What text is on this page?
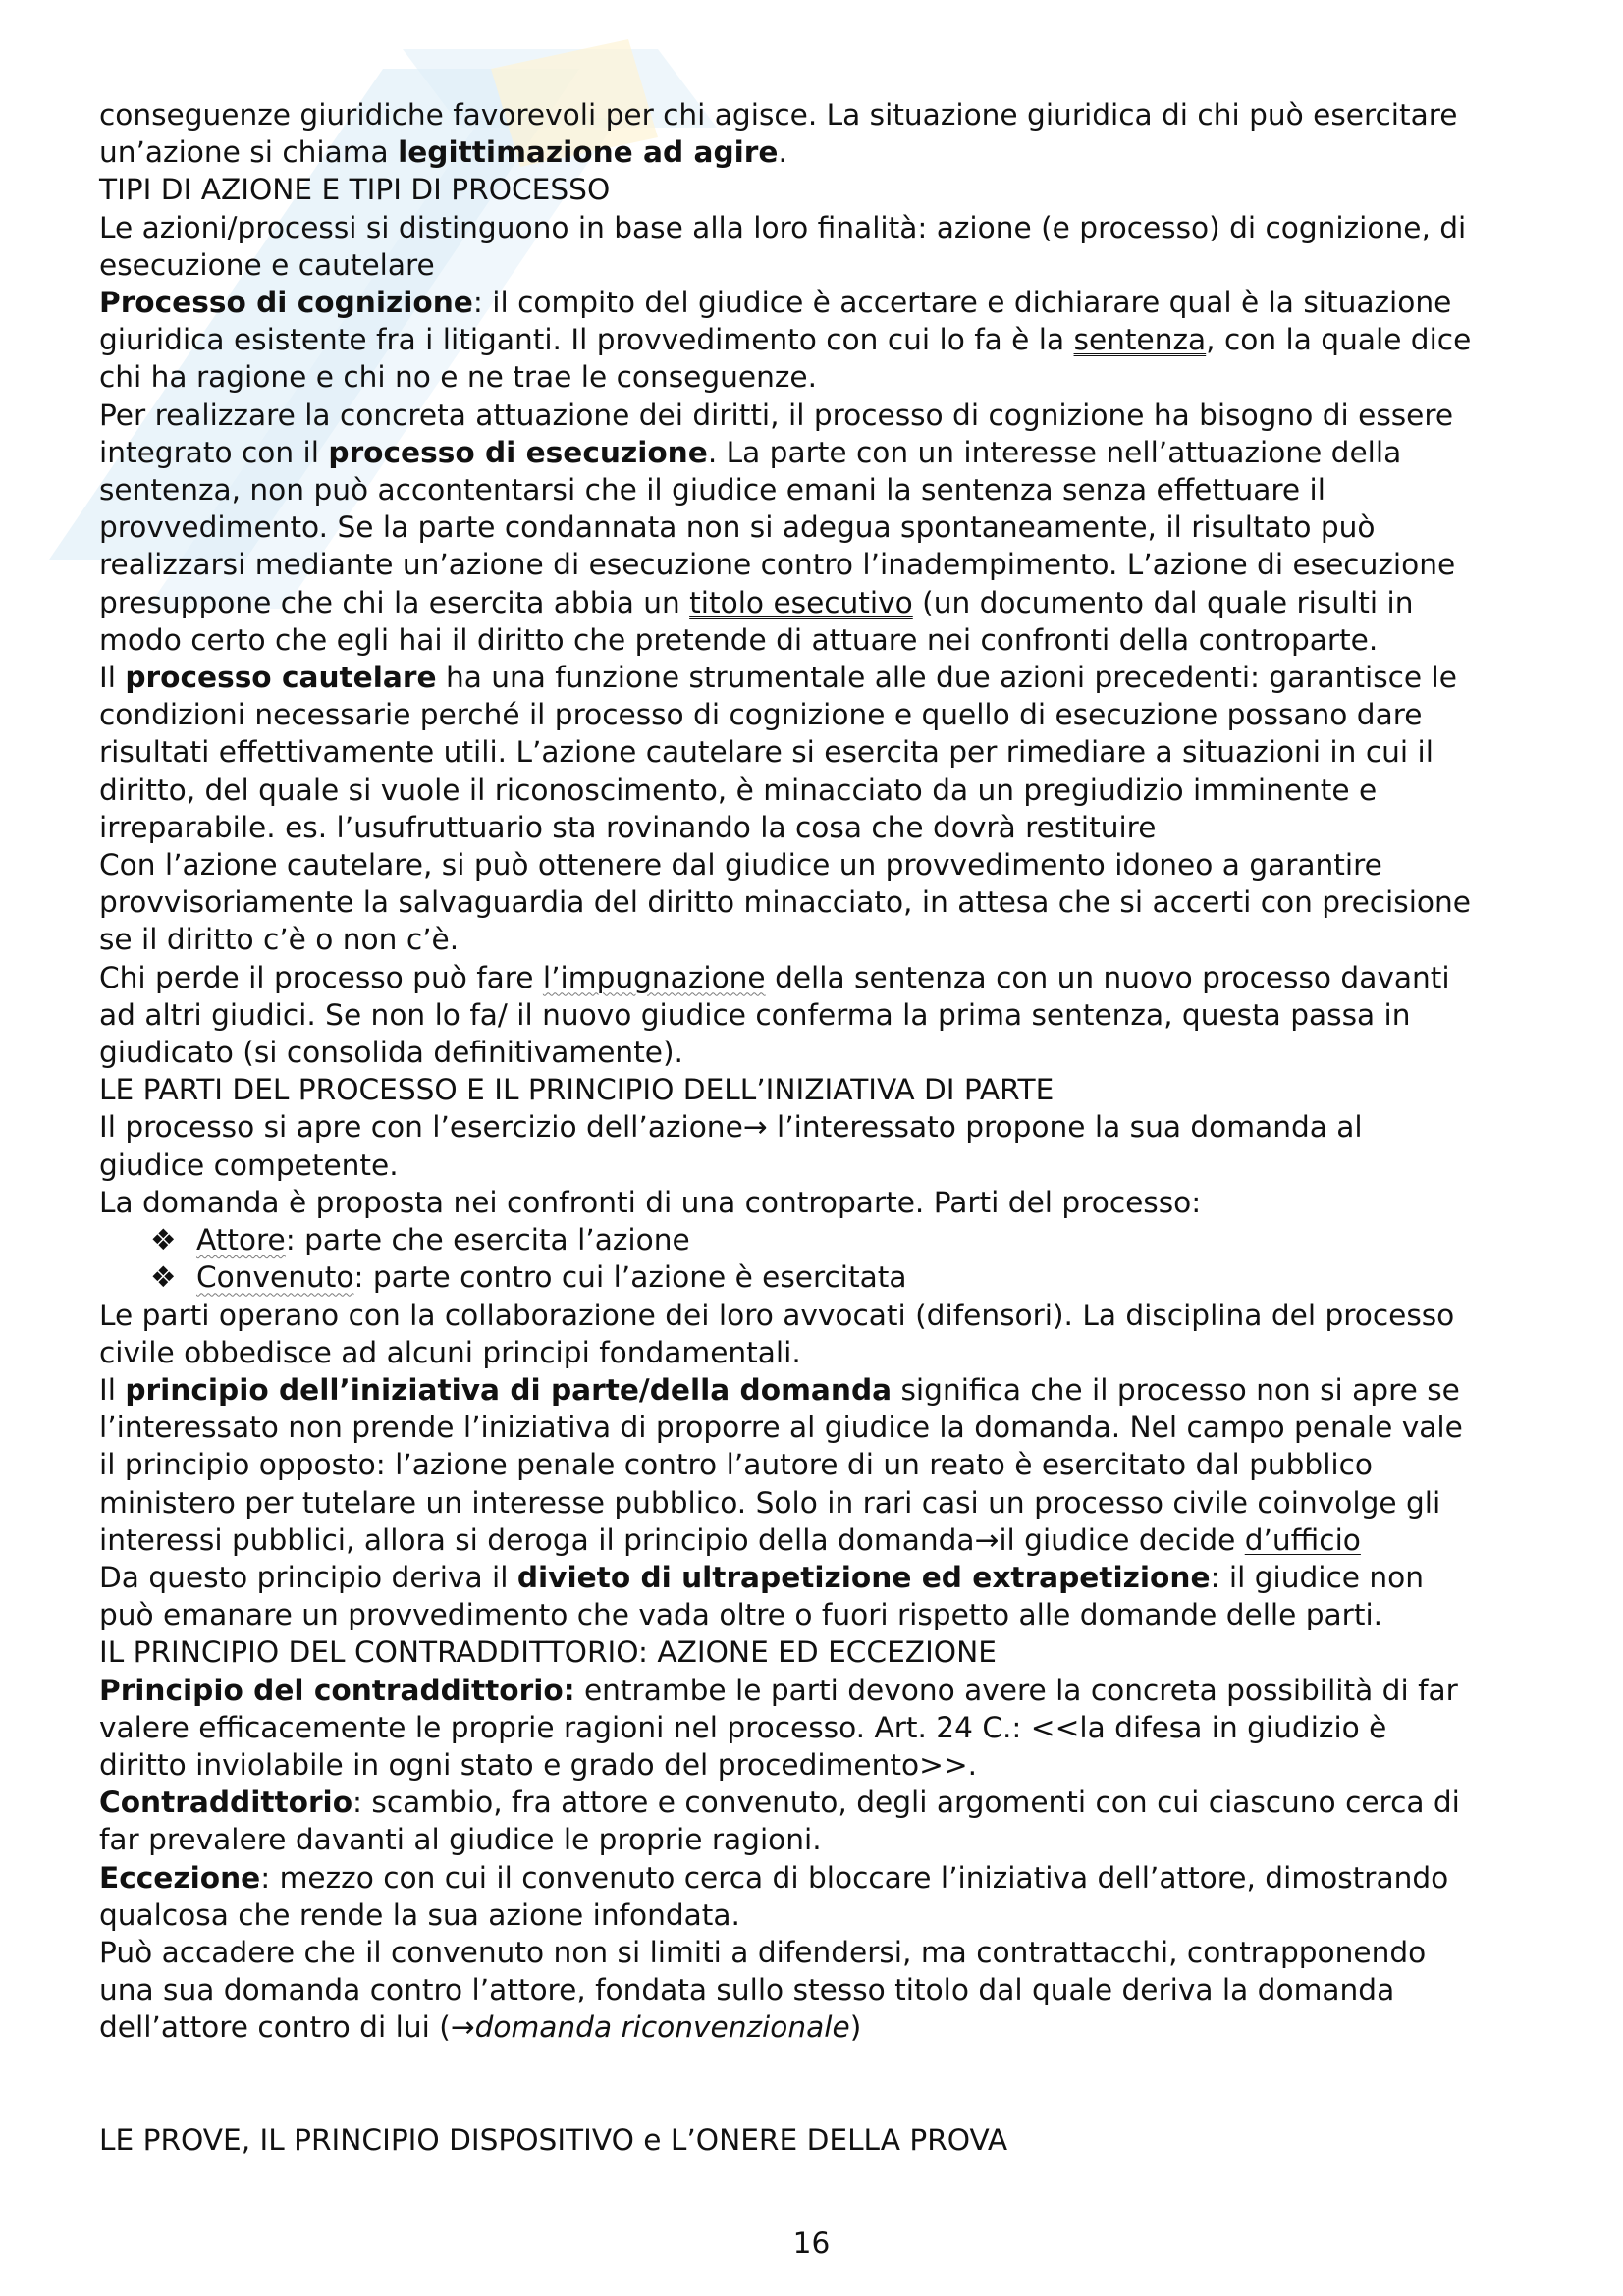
conseguenze giuridiche favorevoli per chi agisce. La situazione giuridica di chi può esercitare

un’azione si chiama legittimazione ad agire.

TIPI DI AZIONE E TIPI DI PROCESSO

Le azioni/processi si distinguono in base alla loro finalità: azione (e processo) di cognizione, di

esecuzione e cautelare

Processo di cognizione: il compito del giudice è accertare e dichiarare qual è la situazione

giuridica esistente fra i litiganti. Il provvedimento con cui lo fa è la sentenza, con la quale dice

chi ha ragione e chi no e ne trae le conseguenze.

Per realizzare la concreta attuazione dei diritti, il processo di cognizione ha bisogno di essere

integrato con il processo di esecuzione. La parte con un interesse nell’attuazione della

sentenza, non può accontentarsi che il giudice emani la sentenza senza effettuare il

provvedimento. Se la parte condannata non si adegua spontaneamente, il risultato può

realizzarsi mediante un’azione di esecuzione contro l’inadempimento. L’azione di esecuzione

presuppone che chi la esercita abbia un titolo esecutivo (un documento dal quale risulti in

modo certo che egli hai il diritto che pretende di attuare nei confronti della controparte.

Il processo cautelare ha una funzione strumentale alle due azioni precedenti: garantisce le

condizioni necessarie perché il processo di cognizione e quello di esecuzione possano dare

risultati effettivamente utili. L’azione cautelare si esercita per rimediare a situazioni in cui il

diritto, del quale si vuole il riconoscimento, è minacciato da un pregiudizio imminente e

irreparabile. es. l’usufruttuario sta rovinando la cosa che dovrà restituire

Con l’azione cautelare, si può ottenere dal giudice un provvedimento idoneo a garantire

provvisoriamente la salvaguardia del diritto minacciato, in attesa che si accerti con precisione

se il diritto c’è o non c’è.

Chi perde il processo può fare l’impugnazione della sentenza con un nuovo processo davanti

ad altri giudici. Se non lo fa/ il nuovo giudice conferma la prima sentenza, questa passa in

giudicato (si consolida definitivamente).

LE PARTI DEL PROCESSO E IL PRINCIPIO DELL’INIZIATIVA DI PARTE

Il processo si apre con l’esercizio dell’azione→ l’interessato propone la sua domanda al

giudice competente.

La domanda è proposta nei confronti di una controparte. Parti del processo:

❖ Attore: parte che esercita l’azione

❖ Convenuto: parte contro cui l’azione è esercitata

Le parti operano con la collaborazione dei loro avvocati (difensori). La disciplina del processo

civile obbedisce ad alcuni principi fondamentali.

Il principio dell’iniziativa di parte/della domanda significa che il processo non si apre se

l’interessato non prende l’iniziativa di proporre al giudice la domanda. Nel campo penale vale

il principio opposto: l’azione penale contro l’autore di un reato è esercitato dal pubblico

ministero per tutelare un interesse pubblico. Solo in rari casi un processo civile coinvolge gli

interessi pubblici, allora si deroga il principio della domanda→il giudice decide d’ufficio

Da questo principio deriva il divieto di ultrapetizione ed extrapetizione: il giudice non

può emanare un provvedimento che vada oltre o fuori rispetto alle domande delle parti.

IL PRINCIPIO DEL CONTRADDITTORIO: AZIONE ED ECCEZIONE

Principio del contraddittorio: entrambe le parti devono avere la concreta possibilità di far

valere efficacemente le proprie ragioni nel processo. Art. 24 C.: <<la difesa in giudizio è

diritto inviolabile in ogni stato e grado del procedimento>>.

Contraddittorio: scambio, fra attore e convenuto, degli argomenti con cui ciascuno cerca di

far prevalere davanti al giudice le proprie ragioni.

Eccezione: mezzo con cui il convenuto cerca di bloccare l’iniziativa dell’attore, dimostrando

qualcosa che rende la sua azione infondata.

Può accadere che il convenuto non si limiti a difendersi, ma contrattacchi, contrapponendo

una sua domanda contro l’attore, fondata sullo stesso titolo dal quale deriva la domanda

dell’attore contro di lui (→domanda riconvenzionale)

LE PROVE, IL PRINCIPIO DISPOSITIVO e L’ONERE DELLA PROVA

16
